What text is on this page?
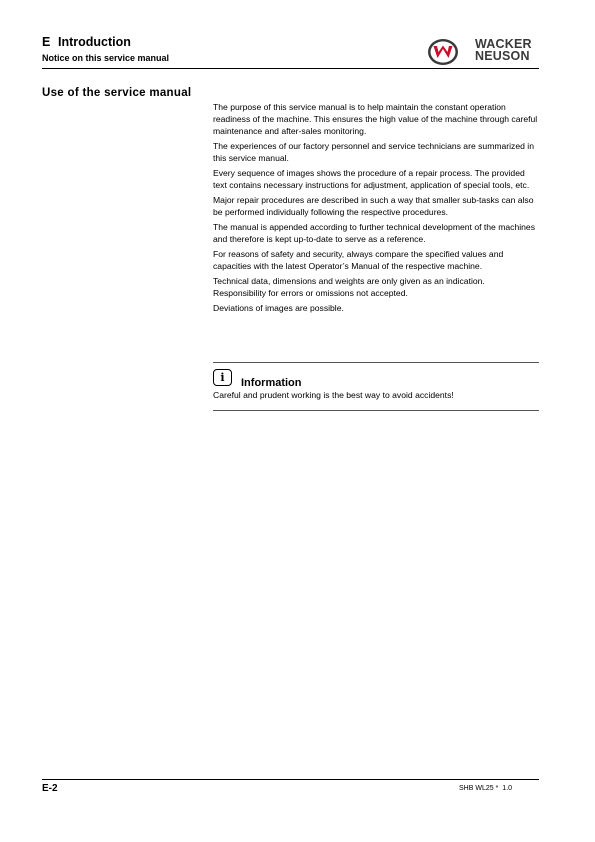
E Introduction
Notice on this service manual
WACKER
NEUSON
Use of the service manual

The purpose of this service manual is to help maintain the constant operation readiness of the machine. This ensures the high value of the machine through careful maintenance and after-sales monitoring.

The experiences of our factory personnel and service technicians are summarized in this service manual.

Every sequence of images shows the procedure of a repair process. The provided text contains necessary instructions for adjustment, application of special tools, etc.

Major repair procedures are described in such a way that smaller sub-tasks can also be performed individually following the respective procedures.

The manual is appended according to further technical development of the machines and therefore is kept up-to-date to serve as a reference.

For reasons of safety and security, always compare the specified values and capacities with the latest Operator’s Manual of the respective machine.

Technical data, dimensions and weights are only given as an indication. Responsibility for errors or omissions not accepted.

Deviations of images are possible.

i	Information
Careful and prudent working is the best way to avoid accidents!
E-2	SHB WL25 * 1.0
